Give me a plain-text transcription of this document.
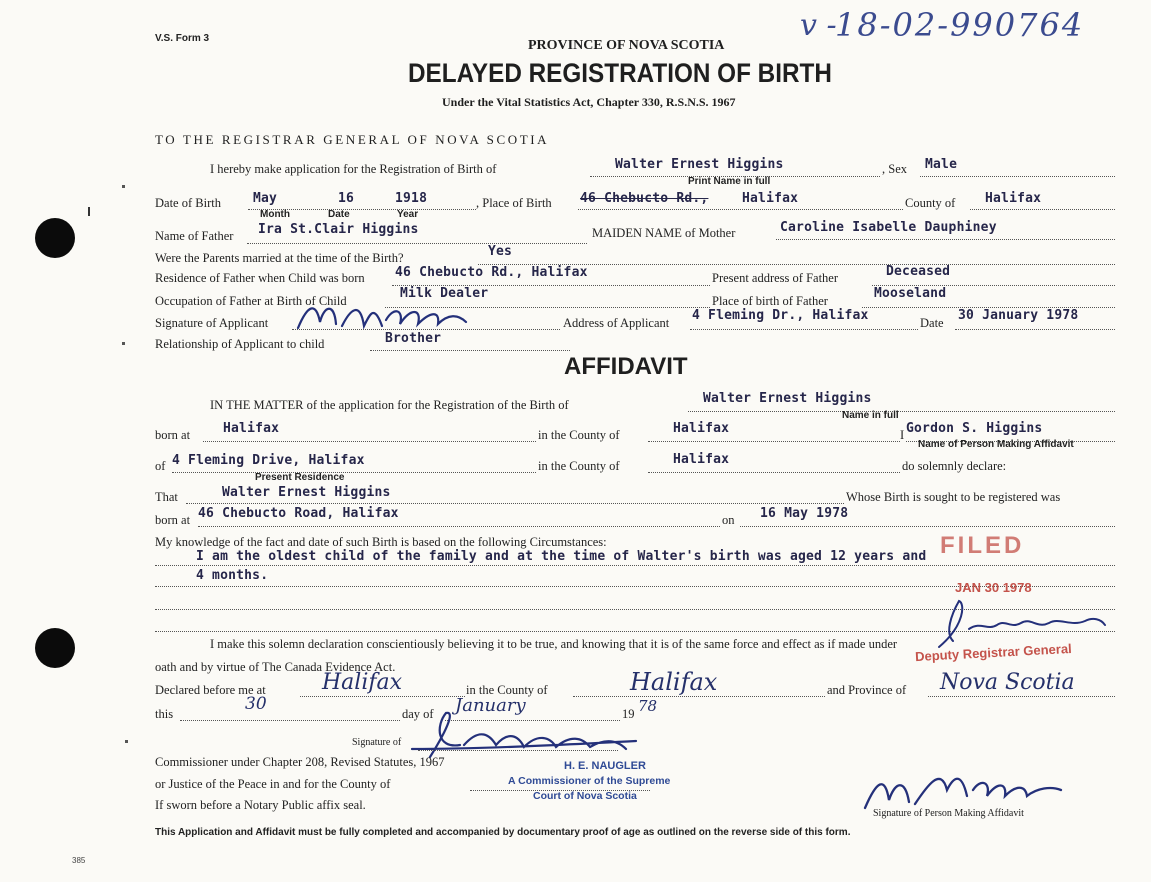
V.S. Form 3	v -
18-02-990764
PROVINCE OF NOVA SCOTIA
DELAYED REGISTRATION OF BIRTH
Under the Vital Statistics Act, Chapter 330, R.S.N.S. 1967
TO THE REGISTRAR GENERAL OF NOVA SCOTIA
I hereby make application for the Registration of Birth of	Walter Ernest Higgins	, Sex Male
Print Name in full
Date of Birth May	16	1918
Month	Date	Year
, Place of Birth 46 Chebucto Rd.,	Halifax	County of Halifax
Name of Father Ira St.Clair Higgins	MAIDEN NAME of Mother	Caroline Isabelle Dauphiney
Were the Parents married at the time of the Birth?	Yes
Residence of Father when Child was born 46 Chebucto Rd., Halifax	Present address of Father	Deceased
Occupation of Father at Birth of Child	Milk Dealer	Place of birth of Father	Mooseland
Signature of Applicant	Address of Applicant 4 Fleming Dr., Halifax	Date 30 January 1978
Relationship of Applicant to child	Brother
AFFIDAVIT
IN THE MATTER of the application for the Registration of the Birth of	Walter Ernest Higgins
Name in full
born at	Halifax	in the County of	Halifax	I Gordon S. Higgins
Name of Person Making Affidavit
of 4 Fleming Drive, Halifax
Present Residence
in the County of	Halifax	do solemnly declare:
That	Walter Ernest Higgins	Whose Birth is sought to be registered was
born at 46 Chebucto Road, Halifax	on 16 May 1978
My knowledge of the fact and date of such Birth is based on the following Circumstances:
I am the oldest child of the family and at the time of Walter's birth was aged 12 years and
4 months.
FILED
JAN 30 1978
I make this solemn declaration conscientiously believing it to be true, and knowing that it is of the same force and effect as if made under
oath and by virtue of The Canada Evidence Act.
Deputy Registrar General
Declared before me at	Halifax	in the County of	Halifax	and Province of Nova Scotia
this	30	day of January	19 78
Signature of
Commissioner under Chapter 208, Revised Statutes, 1967
or Justice of the Peace in and for the County of
If sworn before a Notary Public affix seal.
H. E. NAUGLER
A Commissioner of the Supreme
Court of Nova Scotia
Signature of Person Making Affidavit
This Application and Affidavit must be fully completed and accompanied by documentary proof of age as outlined on the reverse side of this form.
385
